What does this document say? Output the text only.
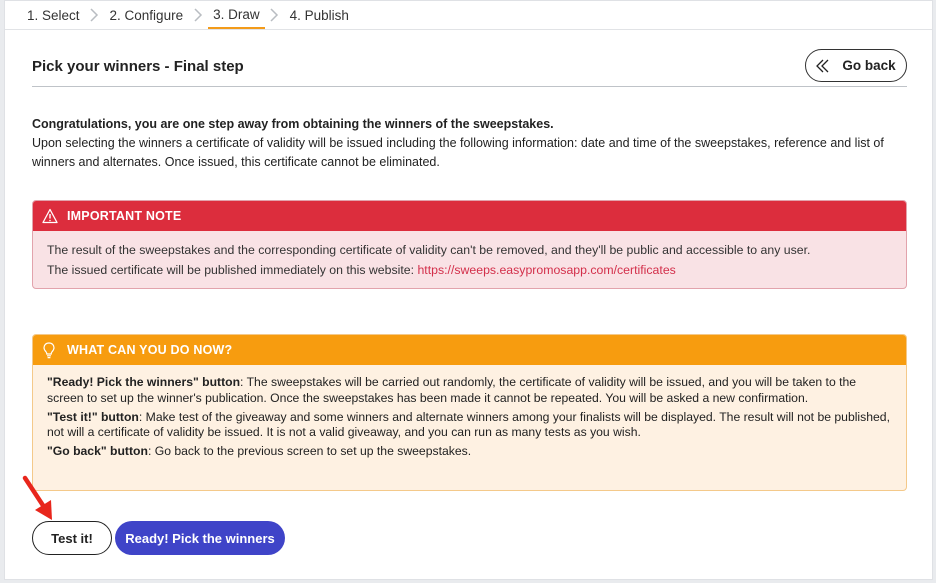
1. Select 2. Configure 3. Draw 4. Publish
Pick your winners - Final step	Go back
Congratulations, you are one step away from obtaining the winners of the sweepstakes.
Upon selecting the winners a certificate of validity will be issued including the following information: date and time of the sweepstakes, reference and list of winners and alternates. Once issued, this certificate cannot be eliminated.
IMPORTANT NOTE
The result of the sweepstakes and the corresponding certificate of validity can't be removed, and they'll be public and accessible to any user.
The issued certificate will be published immediately on this website: https://sweeps.easypromosapp.com/certificates
WHAT CAN YOU DO NOW?

"Ready! Pick the winners" button: The sweepstakes will be carried out randomly, the certificate of validity will be issued, and you will be taken to the screen to set up the winner's publication. Once the sweepstakes has been made it cannot be repeated. You will be asked a new confirmation.

"Test it!" button: Make test of the giveaway and some winners and alternate winners among your finalists will be displayed. The result will not be published, not will a certificate of validity be issued. It is not a valid giveaway, and you can run as many tests as you wish.

"Go back" button: Go back to the previous screen to set up the sweepstakes.

Test it!	Ready! Pick the winners
